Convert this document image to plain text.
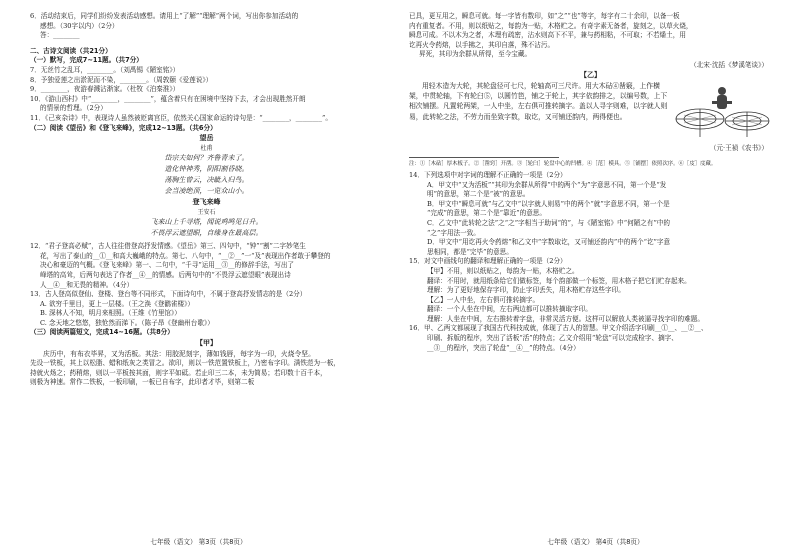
6．活动结束后，同学们纷纷发表活动感想。请用上“了解”“理解”两个词，写出你参加活动的
感想。（30字以内）（2分）
答：________
二、古诗文阅读（共21分）
（一）默写，完成7~11题。（共7分）
7．无丝竹之乱耳，________。（刘禹锡《陋室铭》）
8．予独爱莲之出淤泥而不染，________。（周敦颐《爱莲说》）
9．________，夜游春溅沾渐家。（杜牧《泊秦淮》）
10．《游山西村》中“________，________”，蕴含着只有在困境中坚持下去，才会出现胜然开朗
的情景的哲理。（2分）
11．《己亥杂诗》中，表现诗人虽然被贬离宫臣，依然关心国家命运的诗句是：“________，________”。
（二）阅读《望岳》和《登飞来峰》，完成12~13题。（共6分）
望岳
杜甫
岱宗夫如何？齐鲁青未了。
造化钟神秀，阴阳割昏晓。
荡胸生曾云，决眦入归鸟。
会当凌绝顶，一览众山小。
登飞来峰
王安石
飞来山上千寻塔，闻说鸡鸣见日升。
不畏浮云遮望眼，自缘身在最高层。
12．“君子登高必赋”，古人往往借登高抒发情感。《望岳》第三、四句中，“钟”“割”二字妙笔生
花，写出了泰山的__①__和高大巍峨的特点。第七、八句中，“__②__”一“及”表现出作者敢于攀登的
决心和豪迈的气概。《登飞来峰》第一、二句中，“千寻”运用__③__的修辞手法，写出了
峰塔的高耸，后两句表达了作者__④__的情感。后两句中的“不畏浮云遮望眼”表现出诗
人__④__和无畏的精神。（4分）
13．古人登高似登仙、登楼、登台等不同形式，下面诗句中，不属于登高抒发情志的是（2分）
A. 欲穷千里目，更上一层楼。（王之涣《登鹳雀楼》）
B. 深林人不知，明月来相照。（王维《竹里馆》）
C. 念天地之悠悠，独怆然而涕下。（陈子昂《登幽州台歌》）
（三）阅读两篇短文，完成14~16题。（共8分）
【甲】
庆历中，有布衣毕昇，又为活板。其法：用胶泥刻字，薄如钱唇，每字为一印，火烧令坚。
先设一铁板，其上以松脂、蜡和纸灰之类冒之。欲印，则以一铁范置铁板上，乃密布字印。满铁范为一板，
持就火炀之；药稍熔，则以一平板按其面，则字平如砥。若止印三二本，未为简易；若印数十百千本，
则极为神速。常作二铁板，一板印刷，一板已自布字，此印者才毕，则第二板
七年级（语文） 第3页（共8页）
已具，更互用之，瞬息可就。每一字皆有数印，如“之”“也”等字，每字有二十余印，以备一板
内有重复者。不用，则以纸贴之，每韵为一贴，木格贮之。有奇字素无备者，旋刻之，以草火烧，
瞬息可成。不以木为之者，木理有疏密，沾水则高下不平，兼与药相粘，不可取；不若燔土，用
讫再火令药熔，以手拂之，其印自落，殊不沾污。
昇死，其印为余群从所得，至今宝藏。
（北宋·沈括《梦溪笔谈》）
【乙】
用轻木造为大轮，其轮盘径可七尺，轮轴高可三尺许。用大木砧④凿竅，上作横架，中贯轮轴，下有轮臼⑤，以圆竹笆，铺之于轮上，其字依韵排之，以编号数，上下相次铺摆。凡置轮两架，一人中坐，左右俱可推转摘字。盖以人寻字则难，以字就人则易，此转轮之法，不劳力而坐致字数，取讫，又可铺还韵内，两得便也。
（元·王祯《农书》）
注：①［木砧］厚木板子。②［凿窍］开凿。③［轮臼］轮盘中心的凹槽。④［范］模具。⑤［铺摆］依照次序。⑥［庋］庋藏。
14．下列选项中对字词的理解不正确的一项是（2分）
A．甲文中“又为活板”“其印为余群从所得”中的两个“为”字意思不同，第一个是“发
明”的意思，第二个是“被”的意思。
B．甲文中“瞬息可就”与乙文中“以字就人则易”中的两个“就”字意思不同，第一个是
“完成”的意思，第二个是“靠近”的意思。
C．乙文中“此转轮之法”之“之”字相当于助词“的”，与《陋室铭》中“何陋之有”中的
“之”字用法一致。
D．甲文中“用讫再火令药熔”和乙文中“字数取讫，又可铺还韵内”中的两个“讫”字意
思相同，都是“完毕”的意思。
15．对文中画线句的翻译和理解正确的一项是（2分）
【甲】不用，则以纸贴之，每韵为一贴，木格贮之。
翻译：不用时，就用纸条给它们做标签，每个韵部做一个标签，用木格子把它们贮存起来。
理解：为了更好地保存字印，防止字印丢失，用木格贮存这些字印。
【乙】一人中坐，左右俱可推转摘字。
翻译：一个人坐在中间，左右两边都可以推转摘取字印。
理解：人坐在中间，左右推转着字盘，非常灵活方便。这样可以解放人类被逼寻找字印的难题。
16．甲、乙两文都展现了我国古代科技成就，体现了古人的智慧。甲文介绍活字印刷__①__、__②__、
印刷、拆版的程序，突出了活板“活”的特点；乙文介绍用“轮盘”可以完成检字、摘字、
__③__的程序，突出了轮盘“__④__”的特点。（4分）
七年级（语文） 第4页（共8页）
